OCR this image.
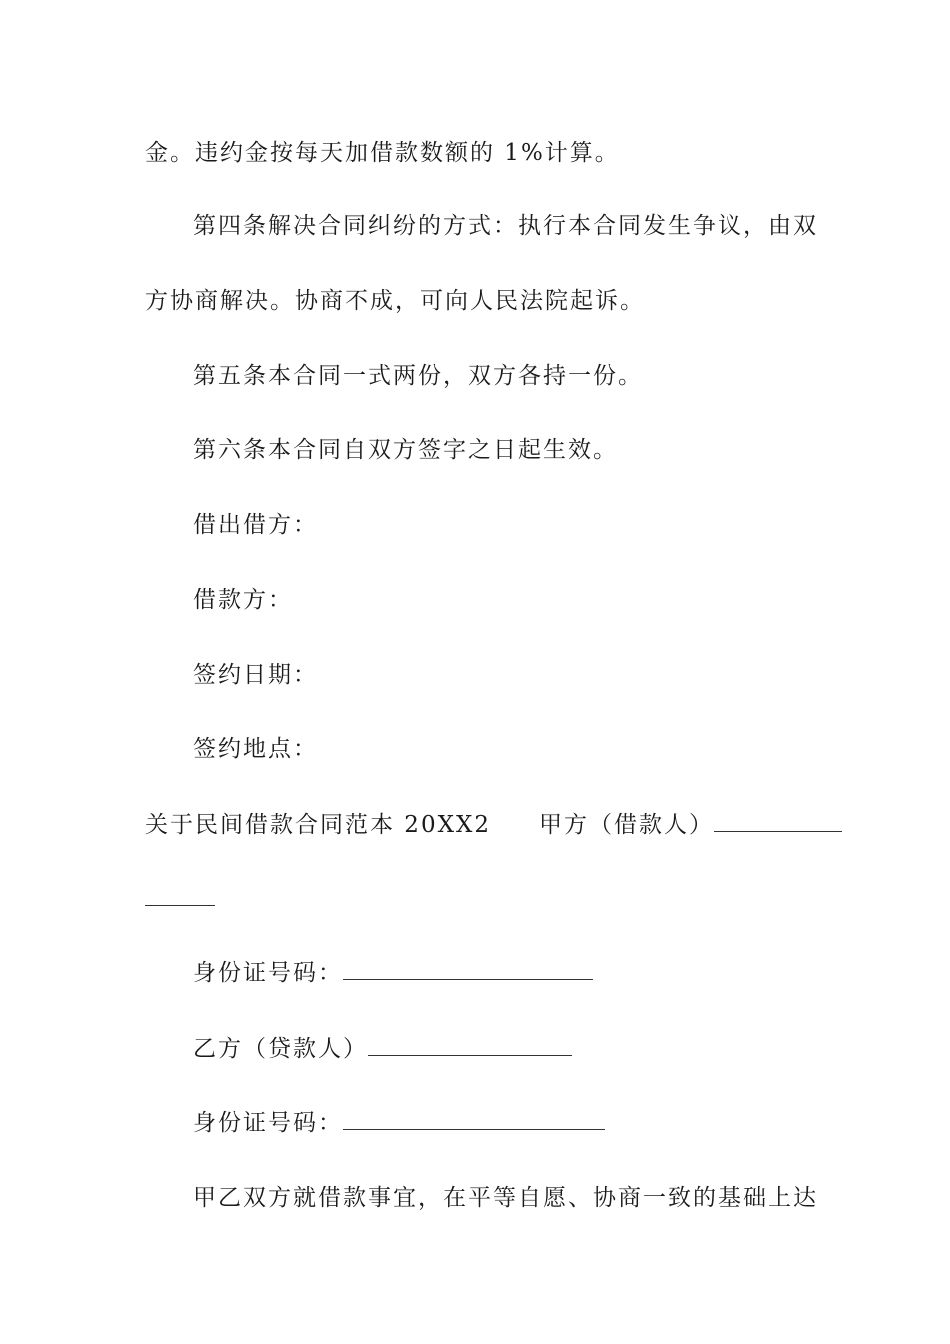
金。违约金按每天加借款数额的 1%计算。
第四条解决合同纠纷的方式：执行本合同发生争议，由双
方协商解决。协商不成，可向人民法院起诉。
第五条本合同一式两份，双方各持一份。
第六条本合同自双方签字之日起生效。
借出借方：
借款方：
签约日期：
签约地点：
关于民间借款合同范本 20XX2 甲方（借款人）
身份证号码：
乙方（贷款人）
身份证号码：
甲乙双方就借款事宜，在平等自愿、协商一致的基础上达
